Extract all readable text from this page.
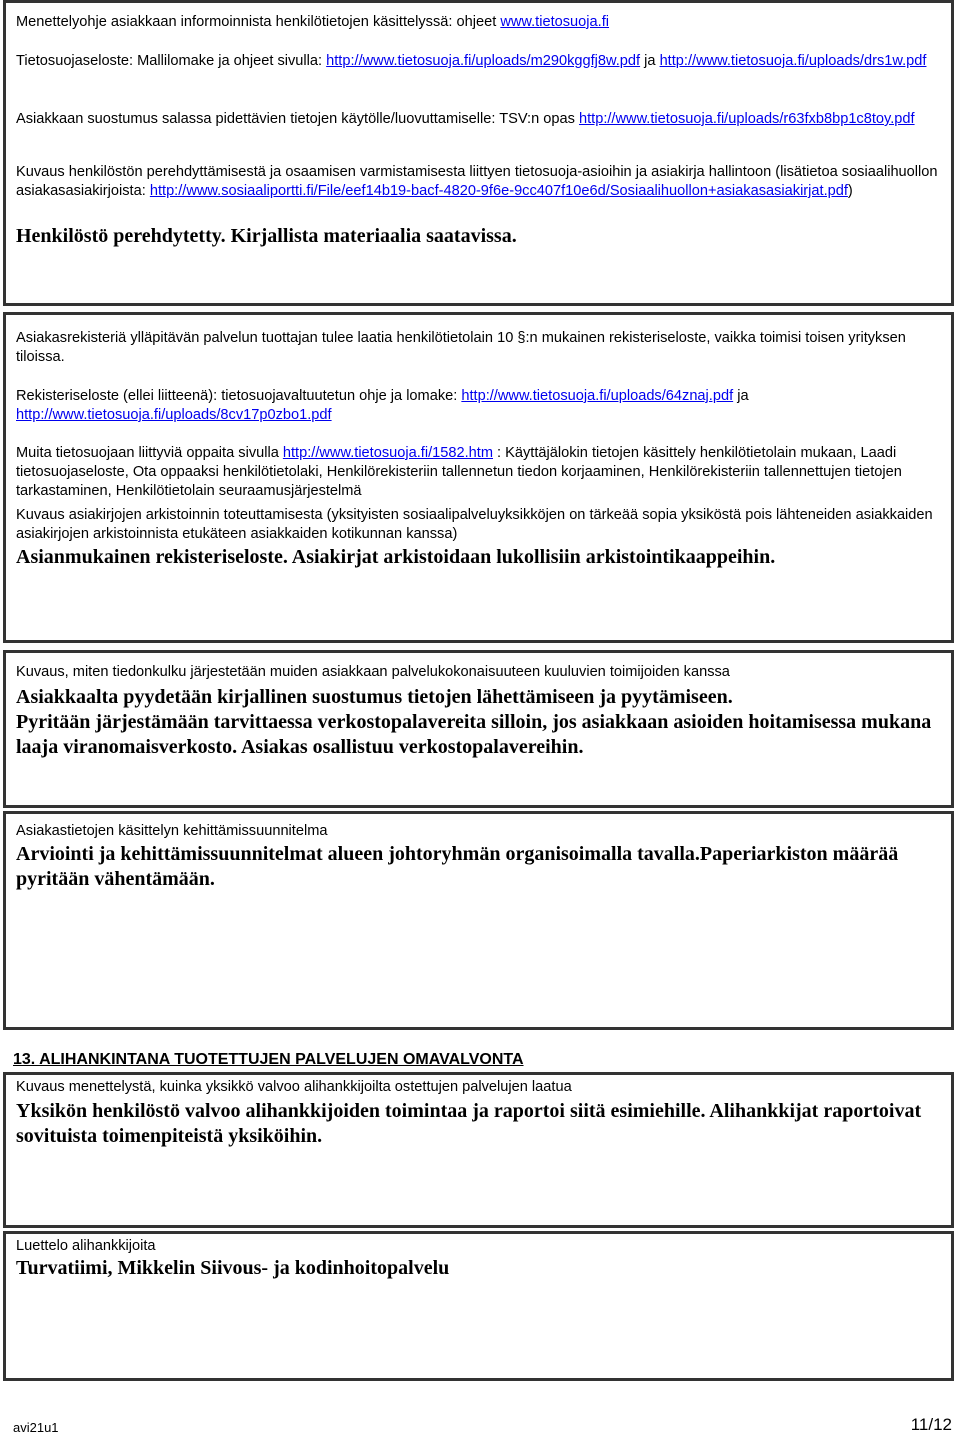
Menettelyohje asiakkaan informoinnista henkilötietojen käsittelyssä: ohjeet www.tietosuoja.fi

Tietosuojaseloste: Mallilomake ja ohjeet sivulla: http://www.tietosuoja.fi/uploads/m290kggfj8w.pdf ja http://www.tietosuoja.fi/uploads/drs1w.pdf

Asiakkaan suostumus salassa pidettävien tietojen käytölle/luovuttamiselle: TSV:n opas http://www.tietosuoja.fi/uploads/r63fxb8bp1c8toy.pdf

Kuvaus henkilöstön perehdyttämisestä ja osaamisen varmistamisesta liittyen tietosuoja-asioihin ja asiakirja hallintoon (lisätietoa sosiaalihuollon asiakasasiakirjoista: http://www.sosiaaliportti.fi/File/eef14b19-bacf-4820-9f6e-9cc407f10e6d/Sosiaalihuollon+asiakasasiakirjat.pdf)

Henkilöstö perehdytetty. Kirjallista materiaalia saatavissa.

Asiakasrekisteriä ylläpitävän palvelun tuottajan tulee laatia henkilötietolain 10 §:n mukainen rekisteriseloste, vaikka toimisi toisen yrityksen tiloissa.

Rekisteriseloste (ellei liitteenä): tietosuojavaltuutetun ohje ja lomake: http://www.tietosuoja.fi/uploads/64znaj.pdf ja http://www.tietosuoja.fi/uploads/8cv17p0zbo1.pdf

Muita tietosuojaan liittyviä oppaita sivulla http://www.tietosuoja.fi/1582.htm : Käyttäjälokin tietojen käsittely henkilötietolain mukaan, Laadi tietosuojaseloste, Ota oppaaksi henkilötietolaki, Henkilörekisteriin tallennetun tiedon korjaaminen, Henkilörekisteriin tallennettujen tietojen tarkastaminen, Henkilötietolain seuraamusjärjestelmä

Kuvaus asiakirjojen arkistoinnin toteuttamisesta (yksityisten sosiaalipalveluyksikköjen on tärkeää sopia yksiköstä pois lähteneiden asiakkaiden asiakirjojen arkistoinnista etukäteen asiakkaiden kotikunnan kanssa)

Asianmukainen rekisteriseloste. Asiakirjat arkistoidaan lukollisiin arkistointikaappeihin.

Kuvaus, miten tiedonkulku järjestetään muiden asiakkaan palvelukokonaisuuteen kuuluvien toimijoiden kanssa

Asiakkaalta pyydetään kirjallinen suostumus tietojen lähettämiseen ja pyytämiseen.

Pyritään järjestämään tarvittaessa verkostopalavereita silloin, jos asiakkaan asioiden hoitamisessa mukana laaja viranomaisverkosto. Asiakas osallistuu verkostopalavereihin.

Asiakastietojen käsittelyn kehittämissuunnitelma

Arviointi ja kehittämissuunnitelmat alueen johtoryhmän organisoimalla tavalla.Paperiarkiston määrää pyritään vähentämään.

13. ALIHANKINTANA TUOTETTUJEN PALVELUJEN OMAVALVONTA

Kuvaus menettelystä, kuinka yksikkö valvoo alihankkijoilta ostettujen palvelujen laatua

Yksikön henkilöstö valvoo alihankkijoiden toimintaa ja raportoi siitä esimiehille. Alihankkijat raportoivat sovituista toimenpiteistä yksiköihin.

Luettelo alihankkijoita

Turvatiimi, Mikkelin Siivous- ja kodinhoitopalvelu

avi21u1	11/12
